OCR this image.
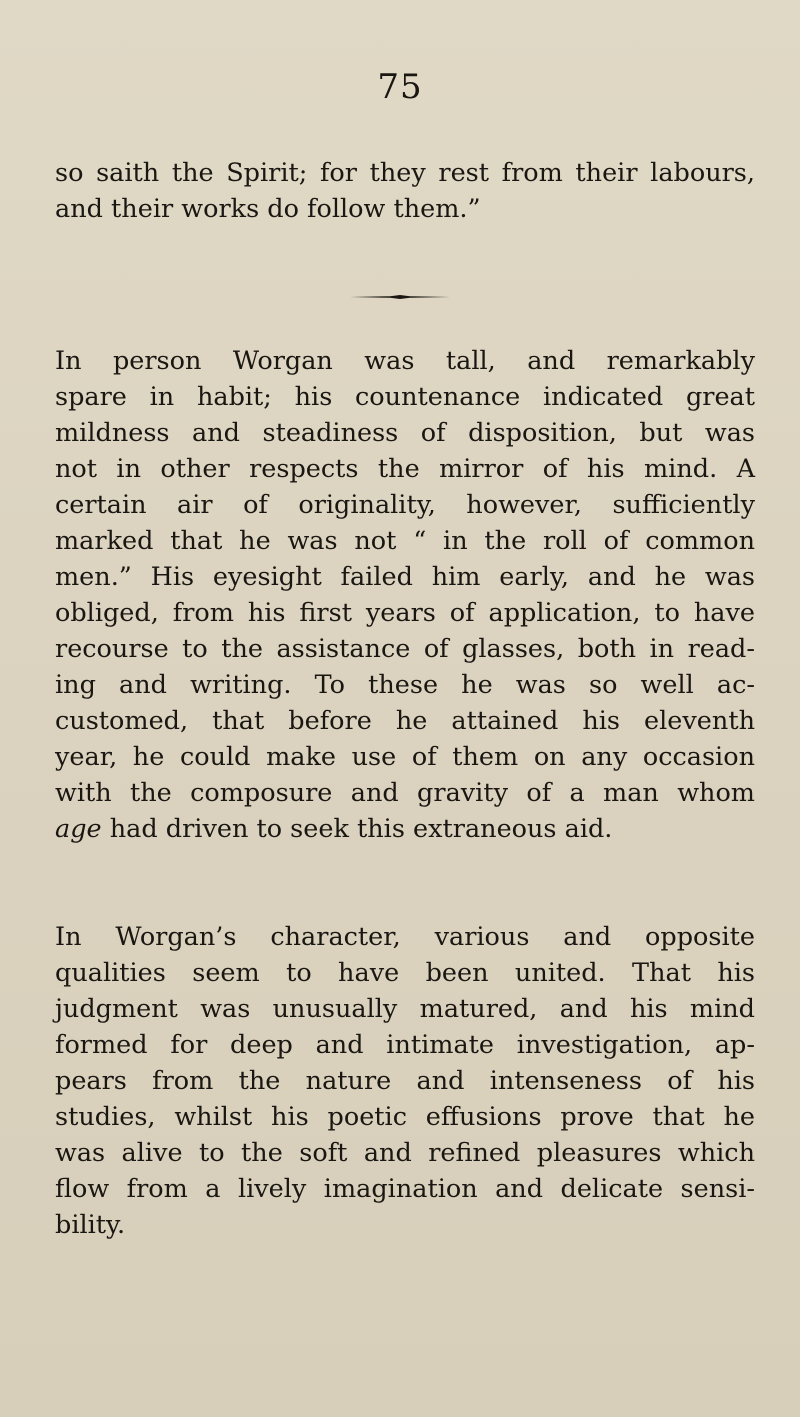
75

so saith the Spirit; for they rest from their labours,
and their works do follow them.”

In person Worgan was tall, and remarkably
spare in habit; his countenance indicated great
mildness and steadiness of disposition, but was
not in other respects the mirror of his mind. A
certain air of originality, however, sufficiently
marked that he was not “ in the roll of common
men.” His eyesight failed him early, and he was
obliged, from his first years of application, to have
recourse to the assistance of glasses, both in read-
ing and writing. To these he was so well ac-
customed, that before he attained his eleventh
year, he could make use of them on any occasion
with the composure and gravity of a man whom
age had driven to seek this extraneous aid.

In Worgan’s character, various and opposite
qualities seem to have been united. That his
judgment was unusually matured, and his mind
formed for deep and intimate investigation, ap-
pears from the nature and intenseness of his
studies, whilst his poetic effusions prove that he
was alive to the soft and refined pleasures which
flow from a lively imagination and delicate sensi-
bility.
